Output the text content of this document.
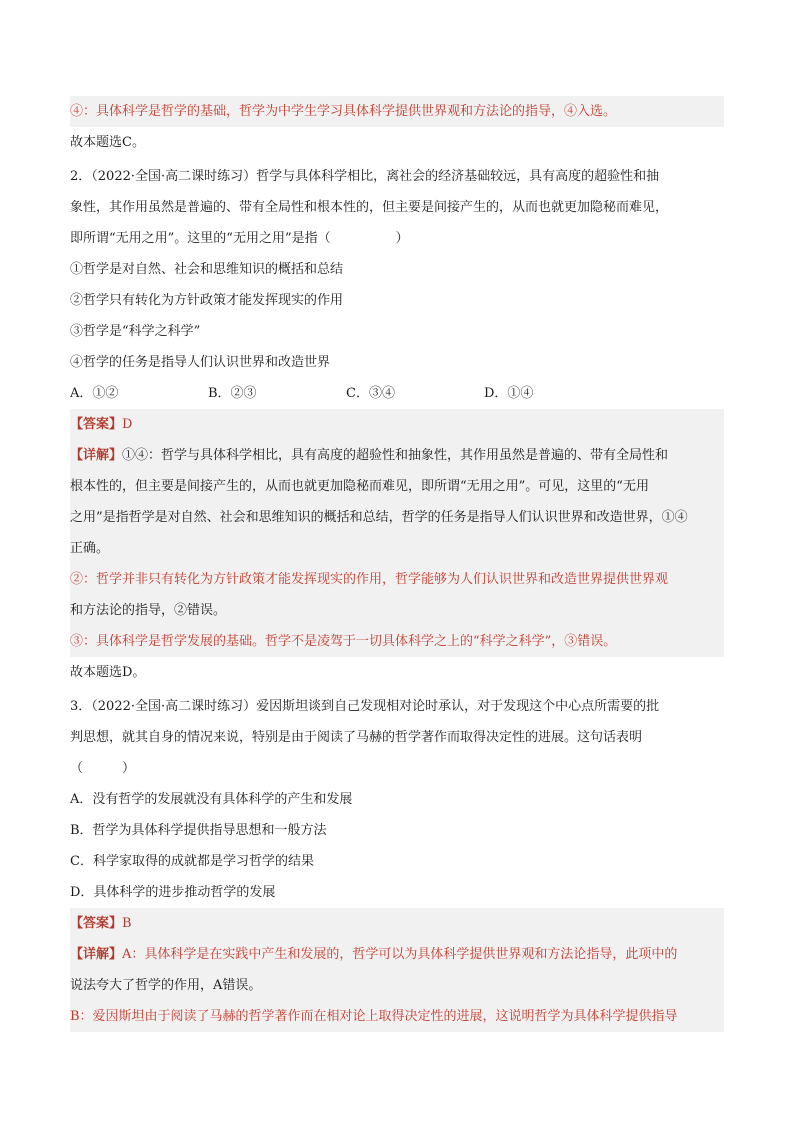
④：具体科学是哲学的基础，哲学为中学生学习具体科学提供世界观和方法论的指导，④入选。
故本题选C。
2．（2022·全国·高二课时练习）哲学与具体科学相比，离社会的经济基础较远，具有高度的超验性和抽
象性，其作用虽然是普遍的、带有全局性和根本性的，但主要是间接产生的，从而也就更加隐秘而难见，
即所谓“无用之用”。这里的“无用之用”是指（　　　　　）
①哲学是对自然、社会和思维知识的概括和总结
②哲学只有转化为方针政策才能发挥现实的作用
③哲学是“科学之科学”
④哲学的任务是指导人们认识世界和改造世界
A．①②	B．②③	C．③④	D．①④
【答案】D
【详解】①④：哲学与具体科学相比，具有高度的超验性和抽象性，其作用虽然是普遍的、带有全局性和
根本性的，但主要是间接产生的，从而也就更加隐秘而难见，即所谓“无用之用”。可见，这里的“无用
之用”是指哲学是对自然、社会和思维知识的概括和总结，哲学的任务是指导人们认识世界和改造世界，①④
正确。
②：哲学并非只有转化为方针政策才能发挥现实的作用，哲学能够为人们认识世界和改造世界提供世界观
和方法论的指导，②错误。
③：具体科学是哲学发展的基础。哲学不是凌驾于一切具体科学之上的“科学之科学”，③错误。
故本题选D。
3．（2022·全国·高二课时练习）爱因斯坦谈到自己发现相对论时承认，对于发现这个中心点所需要的批
判思想，就其自身的情况来说，特别是由于阅读了马赫的哲学著作而取得决定性的进展。这句话表明
（　　　）
A．没有哲学的发展就没有具体科学的产生和发展
B．哲学为具体科学提供指导思想和一般方法
C．科学家取得的成就都是学习哲学的结果
D．具体科学的进步推动哲学的发展
【答案】B
【详解】A：具体科学是在实践中产生和发展的，哲学可以为具体科学提供世界观和方法论指导，此项中的
说法夸大了哲学的作用，A错误。
B：爱因斯坦由于阅读了马赫的哲学著作而在相对论上取得决定性的进展，这说明哲学为具体科学提供指导
